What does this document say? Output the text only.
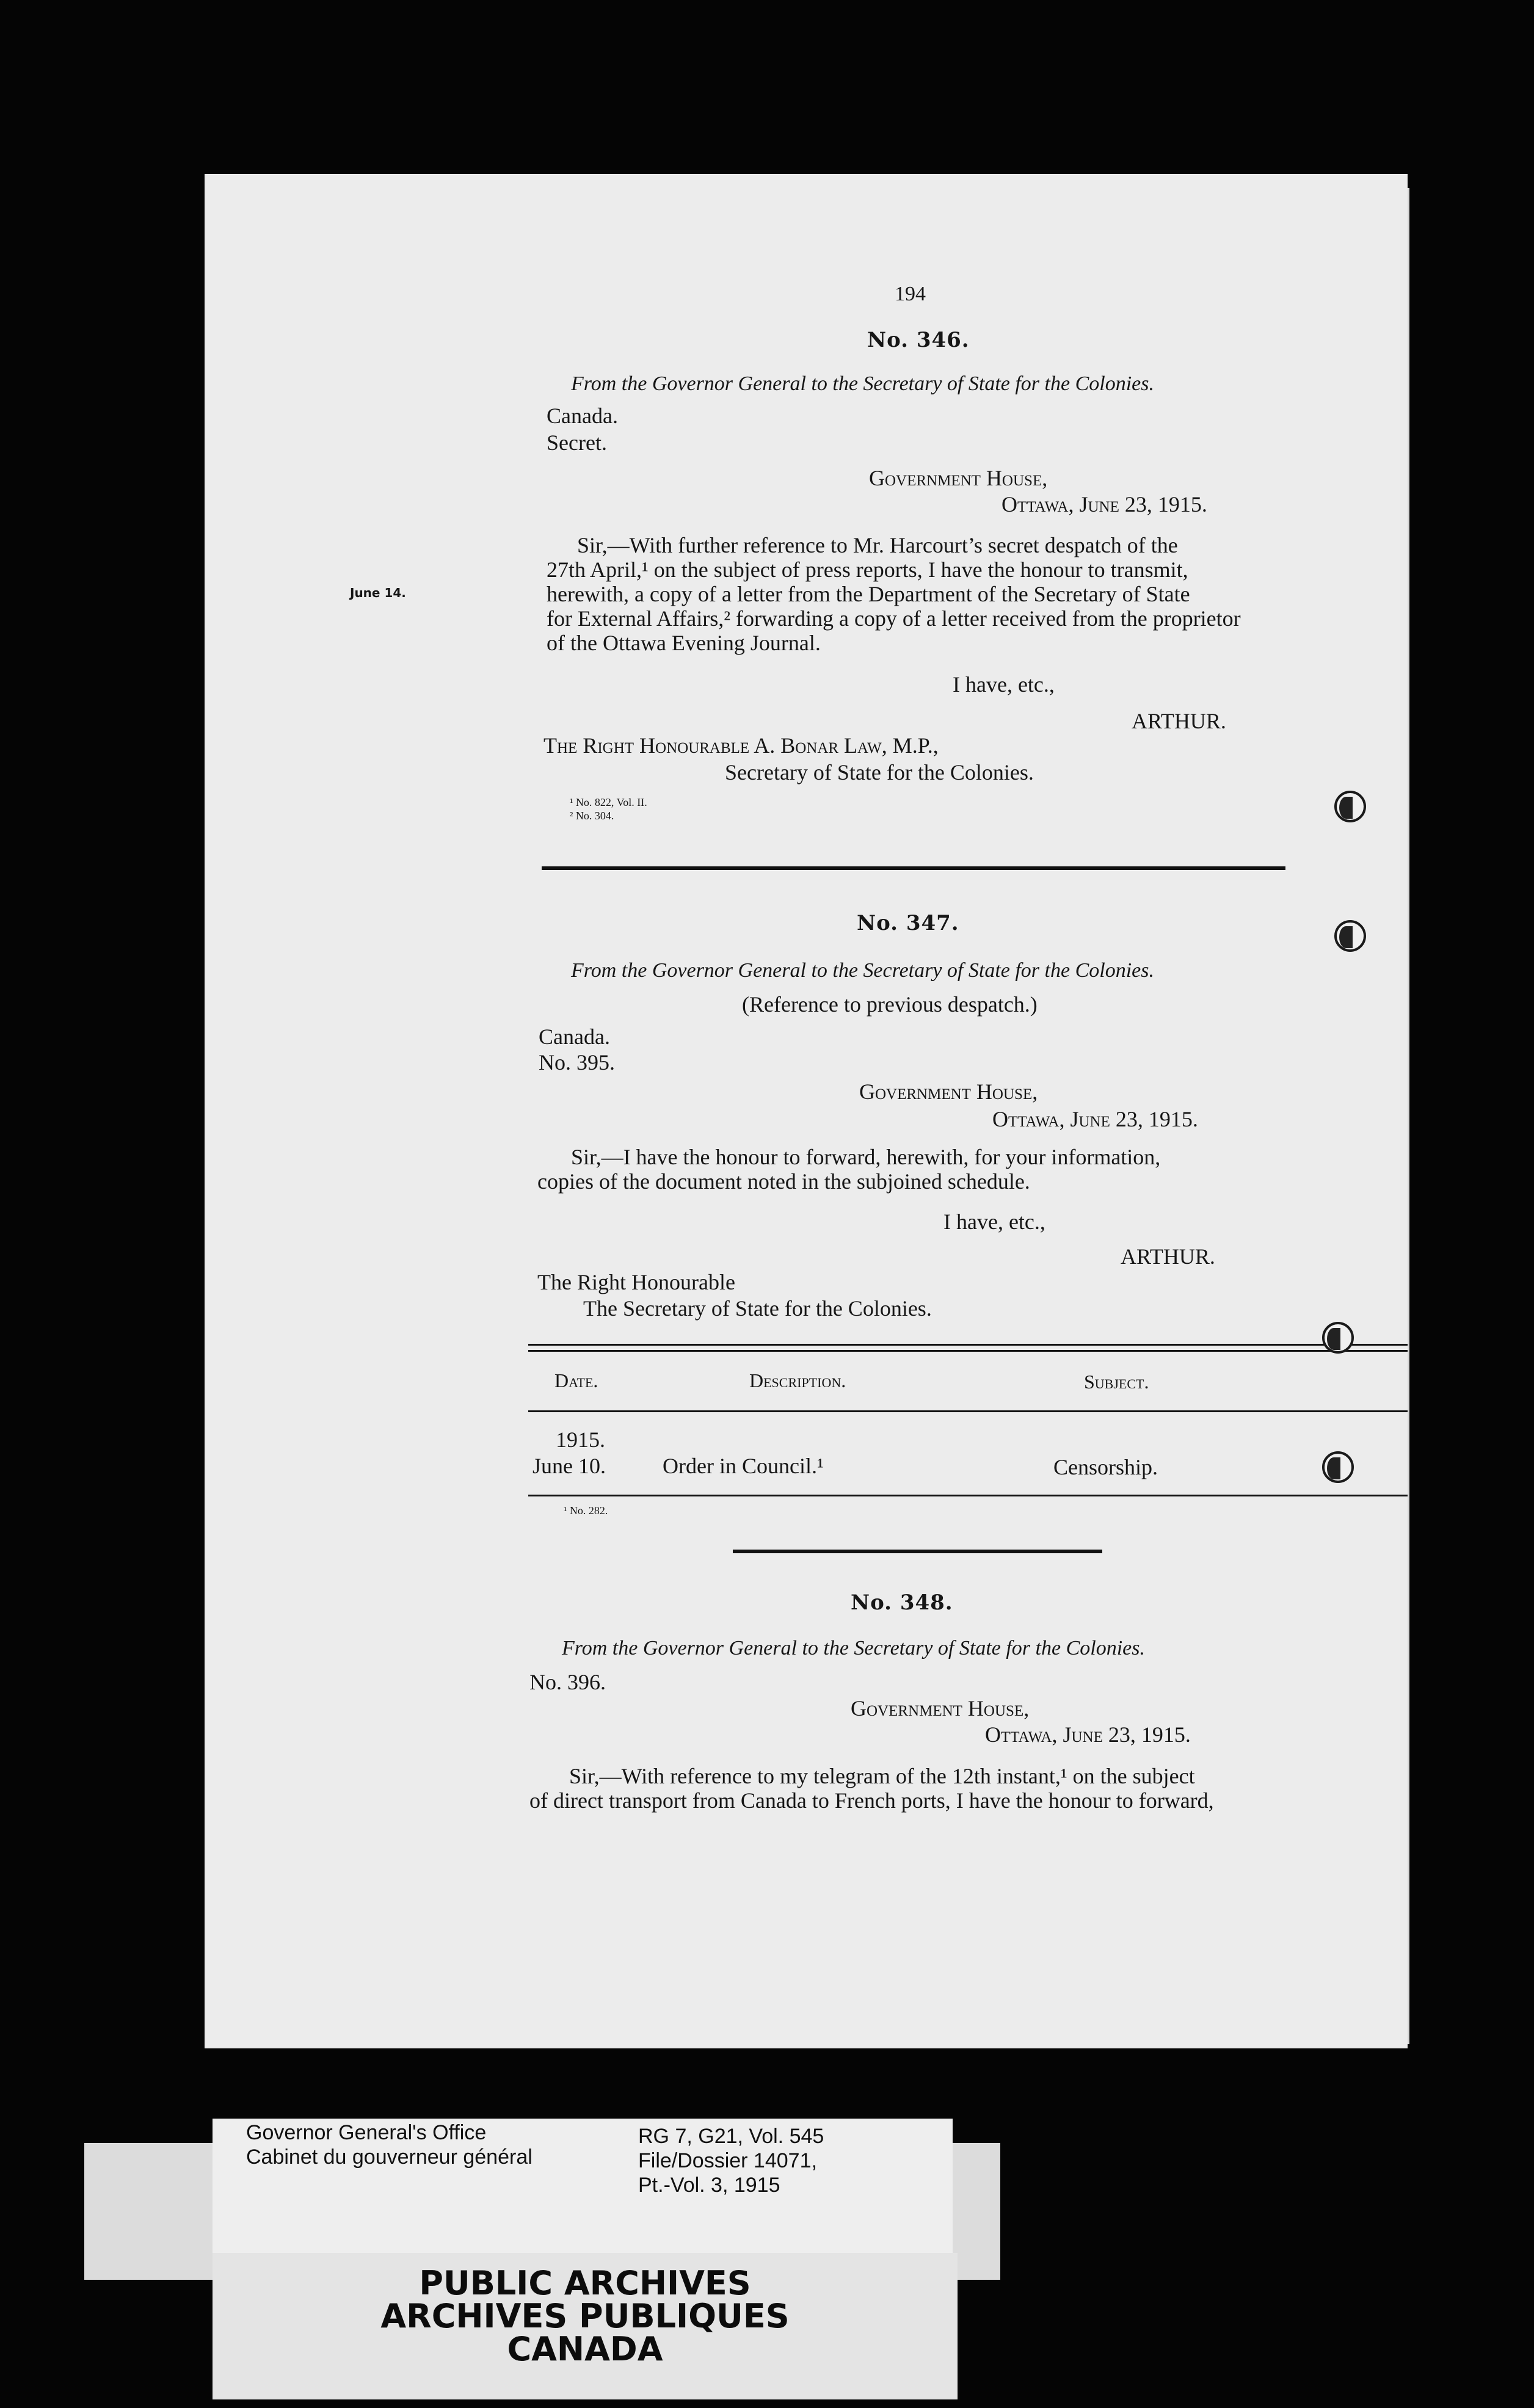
194
No. 346.
From the Governor General to the Secretary of State for the Colonies.
Canada.
Secret.
Government House,
Ottawa, June 23, 1915.
June 14.
Sir,—With further reference to Mr. Harcourt’s secret despatch of the
27th April,¹ on the subject of press reports, I have the honour to transmit,
herewith, a copy of a letter from the Department of the Secretary of State
for External Affairs,² forwarding a copy of a letter received from the proprietor
of the Ottawa Evening Journal.
I have, etc.,
ARTHUR.
The Right Honourable A. Bonar Law, M.P.,
Secretary of State for the Colonies.
¹ No. 822, Vol. II.
² No. 304.
No. 347.
From the Governor General to the Secretary of State for the Colonies.
(Reference to previous despatch.)
Canada.
No. 395.
Government House,
Ottawa, June 23, 1915.
Sir,—I have the honour to forward, herewith, for your information,
copies of the document noted in the subjoined schedule.
I have, etc.,
ARTHUR.
The Right Honourable
The Secretary of State for the Colonies.
Date.	Description.	Subject.
1915.
June 10.	Order in Council.¹	Censorship.
¹ No. 282.
No. 348.
From the Governor General to the Secretary of State for the Colonies.
No. 396.
Government House,
Ottawa, June 23, 1915.
Sir,—With reference to my telegram of the 12th instant,¹ on the subject
of direct transport from Canada to French ports, I have the honour to forward,
Governor General's Office
Cabinet du gouverneur général
RG 7, G21, Vol. 545
File/Dossier 14071,
Pt.-Vol. 3, 1915
PUBLIC ARCHIVES
ARCHIVES PUBLIQUES
CANADA
